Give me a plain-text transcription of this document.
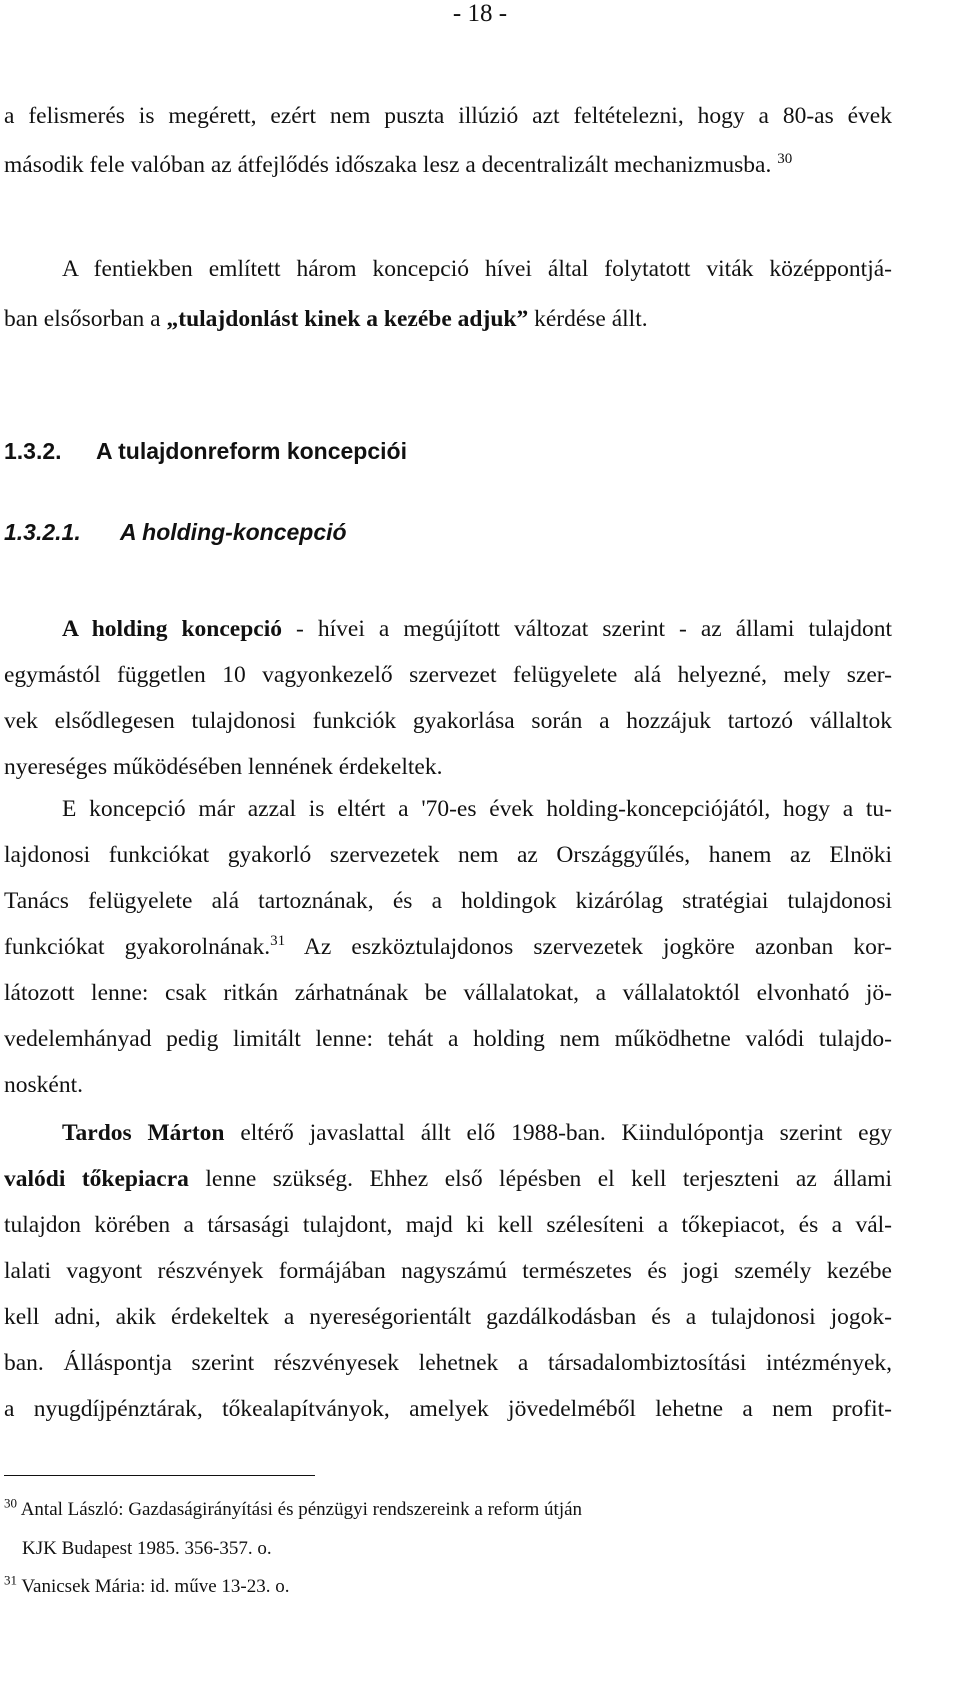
- 18 -
a felismerés is megérett, ezért nem puszta illúzió azt feltételezni, hogy a 80-as évek
második fele valóban az átfejlődés időszaka lesz a decentralizált mechanizmusba. $^{30}$
A fentiekben említett három koncepció hívei által folytatott viták középpontjá-
ban elsősorban a „tulajdonlást kinek a kezébe adjuk” kérdése állt.
1.3.2. A tulajdonreform koncepciói
1.3.2.1. A holding-koncepció
A holding koncepció - hívei a megújított változat szerint - az állami tulajdont
egymástól független 10 vagyonkezelő szervezet felügyelete alá helyezné, mely szer-
vek elsődlegesen tulajdonosi funkciók gyakorlása során a hozzájuk tartozó vállaltok
nyereséges működésében lennének érdekeltek.
E koncepció már azzal is eltért a '70-es évek holding-koncepciójától, hogy a tu-
lajdonosi funkciókat gyakorló szervezetek nem az Országgyűlés, hanem az Elnöki
Tanács felügyelete alá tartoznának, és a holdingok kizárólag stratégiai tulajdonosi
funkciókat gyakorolnának.$^{31}$ Az eszköztulajdonos szervezetek jogköre azonban kor-
látozott lenne: csak ritkán zárhatnának be vállalatokat, a vállalatoktól elvonható jö-
vedelemhányad pedig limitált lenne: tehát a holding nem működhetne valódi tulajdo-
nosként.
Tardos Márton eltérő javaslattal állt elő 1988-ban. Kiindulópontja szerint egy
valódi tőkepiacra lenne szükség. Ehhez első lépésben el kell terjeszteni az állami
tulajdon körében a társasági tulajdont, majd ki kell szélesíteni a tőkepiacot, és a vál-
lalati vagyont részvények formájában nagyszámú természetes és jogi személy kezébe
kell adni, akik érdekeltek a nyereségorientált gazdálkodásban és a tulajdonosi jogok-
ban. Álláspontja szerint részvényesek lehetnek a társadalombiztosítási intézmények,
a nyugdíjpénztárak, tőkealapítványok, amelyek jövedelméből lehetne a nem profit-
$^{30}$ Antal László: Gazdaságirányítási és pénzügyi rendszereink a reform útján
KJK Budapest 1985. 356-357. o.
$^{31}$ Vanicsek Mária: id. műve 13-23. o.
